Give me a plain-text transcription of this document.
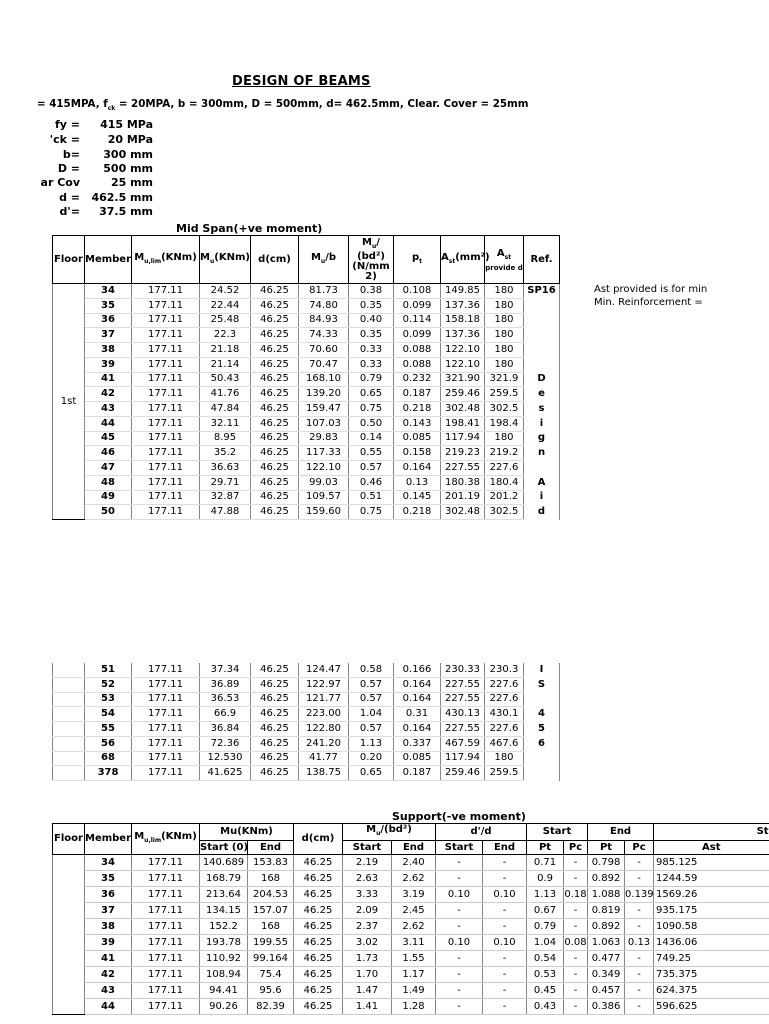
DESIGN OF BEAMS
= 415MPA, $f_{ck} = 20MPA$, b = 300mm, D = 500mm, d= 462.5mm, Clear. Cover = 25mm
fy =	415 MPa
'ck =	20 MPa
b=	300 mm
D =	500 mm
ar Cov	25 mm
d =	462.5 mm
d'=	37.5 mm
Mid Span(+ve moment)
Floor	Member	$M_{u,lim}(KNm)$	$M_u(KNm)$	d(cm)	$M_u/b$	$M_u/$ (bd²) (N/mm 2)	$p_t$	$A_{st}(mm^2)$	$A_{st}$
provide d	Ref.
1st	34	177.11	24.52	46.25	81.73	0.38	0.108	149.85	180	SP16
	35	177.11	22.44	46.25	74.80	0.35	0.099	137.36	180	
	36	177.11	25.48	46.25	84.93	0.40	0.114	158.18	180	
	37	177.11	22.3	46.25	74.33	0.35	0.099	137.36	180	
	38	177.11	21.18	46.25	70.60	0.33	0.088	122.10	180	
	39	177.11	21.14	46.25	70.47	0.33	0.088	122.10	180	
	41	177.11	50.43	46.25	168.10	0.79	0.232	321.90	321.9	D
	42	177.11	41.76	46.25	139.20	0.65	0.187	259.46	259.5	e
	43	177.11	47.84	46.25	159.47	0.75	0.218	302.48	302.5	s
	44	177.11	32.11	46.25	107.03	0.50	0.143	198.41	198.4	i
	45	177.11	8.95	46.25	29.83	0.14	0.085	117.94	180	g
	46	177.11	35.2	46.25	117.33	0.55	0.158	219.23	219.2	n
	47	177.11	36.63	46.25	122.10	0.57	0.164	227.55	227.6	
	48	177.11	29.71	46.25	99.03	0.46	0.13	180.38	180.4	A
	49	177.11	32.87	46.25	109.57	0.51	0.145	201.19	201.2	i
	50	177.11	47.88	46.25	159.60	0.75	0.218	302.48	302.5	d
Ast provided is for min
Min. Reinforcement =
	51	177.11	37.34	46.25	124.47	0.58	0.166	230.33	230.3	I
	52	177.11	36.89	46.25	122.97	0.57	0.164	227.55	227.6	S
	53	177.11	36.53	46.25	121.77	0.57	0.164	227.55	227.6	
	54	177.11	66.9	46.25	223.00	1.04	0.31	430.13	430.1	4
	55	177.11	36.84	46.25	122.80	0.57	0.164	227.55	227.6	5
	56	177.11	72.36	46.25	241.20	1.13	0.337	467.59	467.6	6
	68	177.11	12.530	46.25	41.77	0.20	0.085	117.94	180	
	378	177.11	41.625	46.25	138.75	0.65	0.187	259.46	259.5	
Support(-ve moment)
Floor	Member	$M_{u,lim}(KNm)$	Mu(KNm)		d(cm)	$M_u/(bd^2)$		d'/d		Start		End		St
			Start (0)	End		Start	End	Start	End	Pt	Pc	Pt	Pc	Ast
	34	177.11	140.689	153.83	46.25	2.19	2.40	-	-	0.71	-	0.798	-	985.125
	35	177.11	168.79	168	46.25	2.63	2.62	-	-	0.9	-	0.892	-	1244.59
	36	177.11	213.64	204.53	46.25	3.33	3.19	0.10	0.10	1.13	0.18	1.088	0.139	1569.26
	37	177.11	134.15	157.07	46.25	2.09	2.45	-	-	0.67	-	0.819	-	935.175
	38	177.11	152.2	168	46.25	2.37	2.62	-	-	0.79	-	0.892	-	1090.58
	39	177.11	193.78	199.55	46.25	3.02	3.11	0.10	0.10	1.04	0.08	1.063	0.13	1436.06
	41	177.11	110.92	99.164	46.25	1.73	1.55	-	-	0.54	-	0.477	-	749.25
	42	177.11	108.94	75.4	46.25	1.70	1.17	-	-	0.53	-	0.349	-	735.375
	43	177.11	94.41	95.6	46.25	1.47	1.49	-	-	0.45	-	0.457	-	624.375
	44	177.11	90.26	82.39	46.25	1.41	1.28	-	-	0.43	-	0.386	-	596.625
